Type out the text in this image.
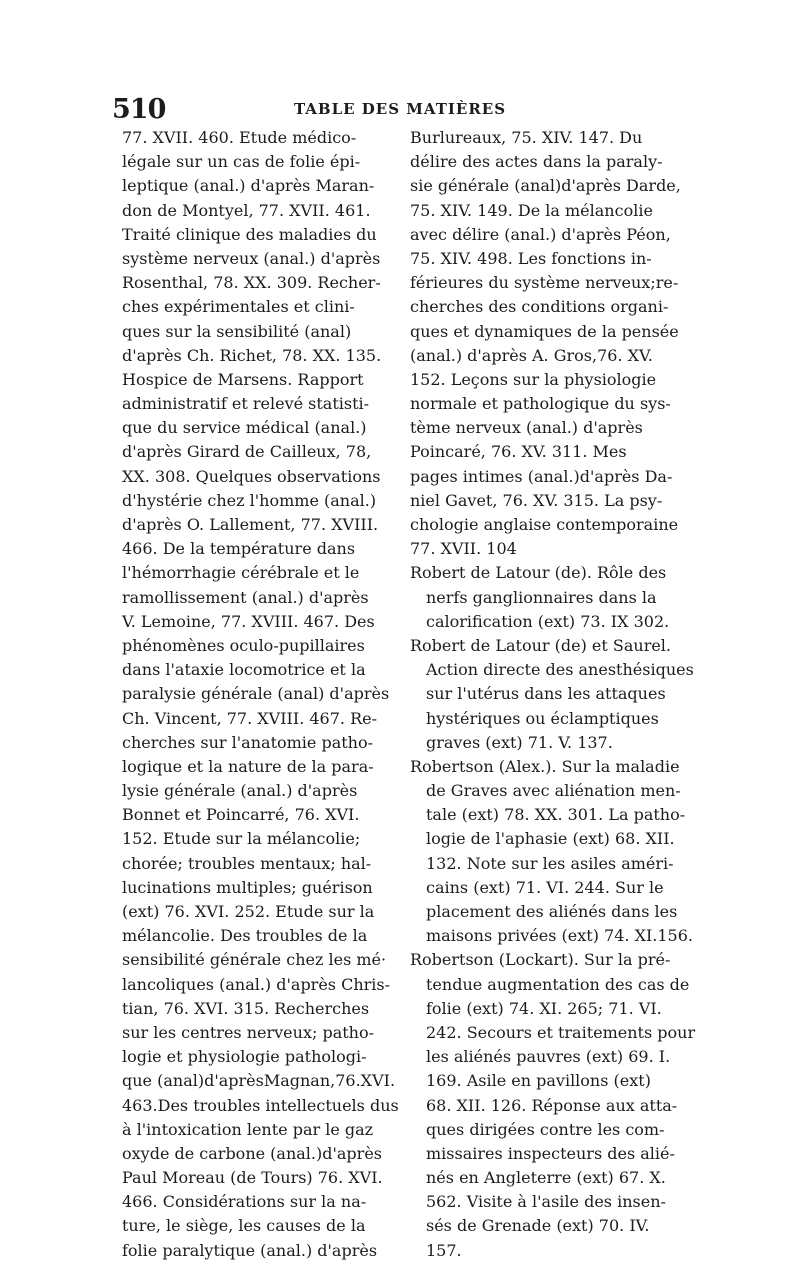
510	TABLE DES MATIÈRES
77. XVII. 460. Etude médico-
légale sur un cas de folie épi-
leptique (anal.) d'après Maran-
don de Montyel, 77. XVII. 461.
Traité clinique des maladies du
système nerveux (anal.) d'après
Rosenthal, 78. XX. 309. Recher-
ches expérimentales et clini-
ques sur la sensibilité (anal)
d'après Ch. Richet, 78. XX. 135.
Hospice de Marsens. Rapport
administratif et relevé statisti-
que du service médical (anal.)
d'après Girard de Cailleux, 78,
XX. 308. Quelques observations
d'hystérie chez l'homme (anal.)
d'après O. Lallement, 77. XVIII.
466. De la température dans
l'hémorrhagie cérébrale et le
ramollissement (anal.) d'après
V. Lemoine, 77. XVIII. 467. Des
phénomènes oculo-pupillaires
dans l'ataxie locomotrice et la
paralysie générale (anal) d'après
Ch. Vincent, 77. XVIII. 467. Re-
cherches sur l'anatomie patho-
logique et la nature de la para-
lysie générale (anal.) d'après
Bonnet et Poincarré, 76. XVI.
152. Etude sur la mélancolie;
chorée; troubles mentaux; hal-
lucinations multiples; guérison
(ext) 76. XVI. 252. Etude sur la
mélancolie. Des troubles de la
sensibilité générale chez les mé·
lancoliques (anal.) d'après Chris-
tian, 76. XVI. 315. Recherches
sur les centres nerveux; patho-
logie et physiologie pathologi-
que (anal)d'aprèsMagnan,76.XVI.
463.Des troubles intellectuels dus
à l'intoxication lente par le gaz
oxyde de carbone (anal.)d'après
Paul Moreau (de Tours) 76. XVI.
466. Considérations sur la na-
ture, le siège, les causes de la
folie paralytique (anal.) d'après
Burlureaux, 75. XIV. 147. Du
délire des actes dans la paraly-
sie générale (anal)d'après Darde,
75. XIV. 149. De la mélancolie
avec délire (anal.) d'après Péon,
75. XIV. 498. Les fonctions in-
férieures du système nerveux;re-
cherches des conditions organi-
ques et dynamiques de la pensée
(anal.) d'après A. Gros,76. XV.
152. Leçons sur la physiologie
normale et pathologique du sys-
tème nerveux (anal.) d'après
Poincaré, 76. XV. 311. Mes
pages intimes (anal.)d'après Da-
niel Gavet, 76. XV. 315. La psy-
chologie anglaise contemporaine
77. XVII. 104
Robert de Latour (de). Rôle des
nerfs ganglionnaires dans la
calorification (ext) 73. IX 302.
Robert de Latour (de) et Saurel.
Action directe des anesthésiques
sur l'utérus dans les attaques
hystériques ou éclamptiques
graves (ext) 71. V. 137.
Robertson (Alex.). Sur la maladie
de Graves avec aliénation men-
tale (ext) 78. XX. 301. La patho-
logie de l'aphasie (ext) 68. XII.
132. Note sur les asiles améri-
cains (ext) 71. VI. 244. Sur le
placement des aliénés dans les
maisons privées (ext) 74. XI.156.
Robertson (Lockart). Sur la pré-
tendue augmentation des cas de
folie (ext) 74. XI. 265; 71. VI.
242. Secours et traitements pour
les aliénés pauvres (ext) 69. I.
169. Asile en pavillons (ext)
68. XII. 126. Réponse aux atta-
ques dirigées contre les com-
missaires inspecteurs des alié-
nés en Angleterre (ext) 67. X.
562. Visite à l'asile des insen-
sés de Grenade (ext) 70. IV.
157.
